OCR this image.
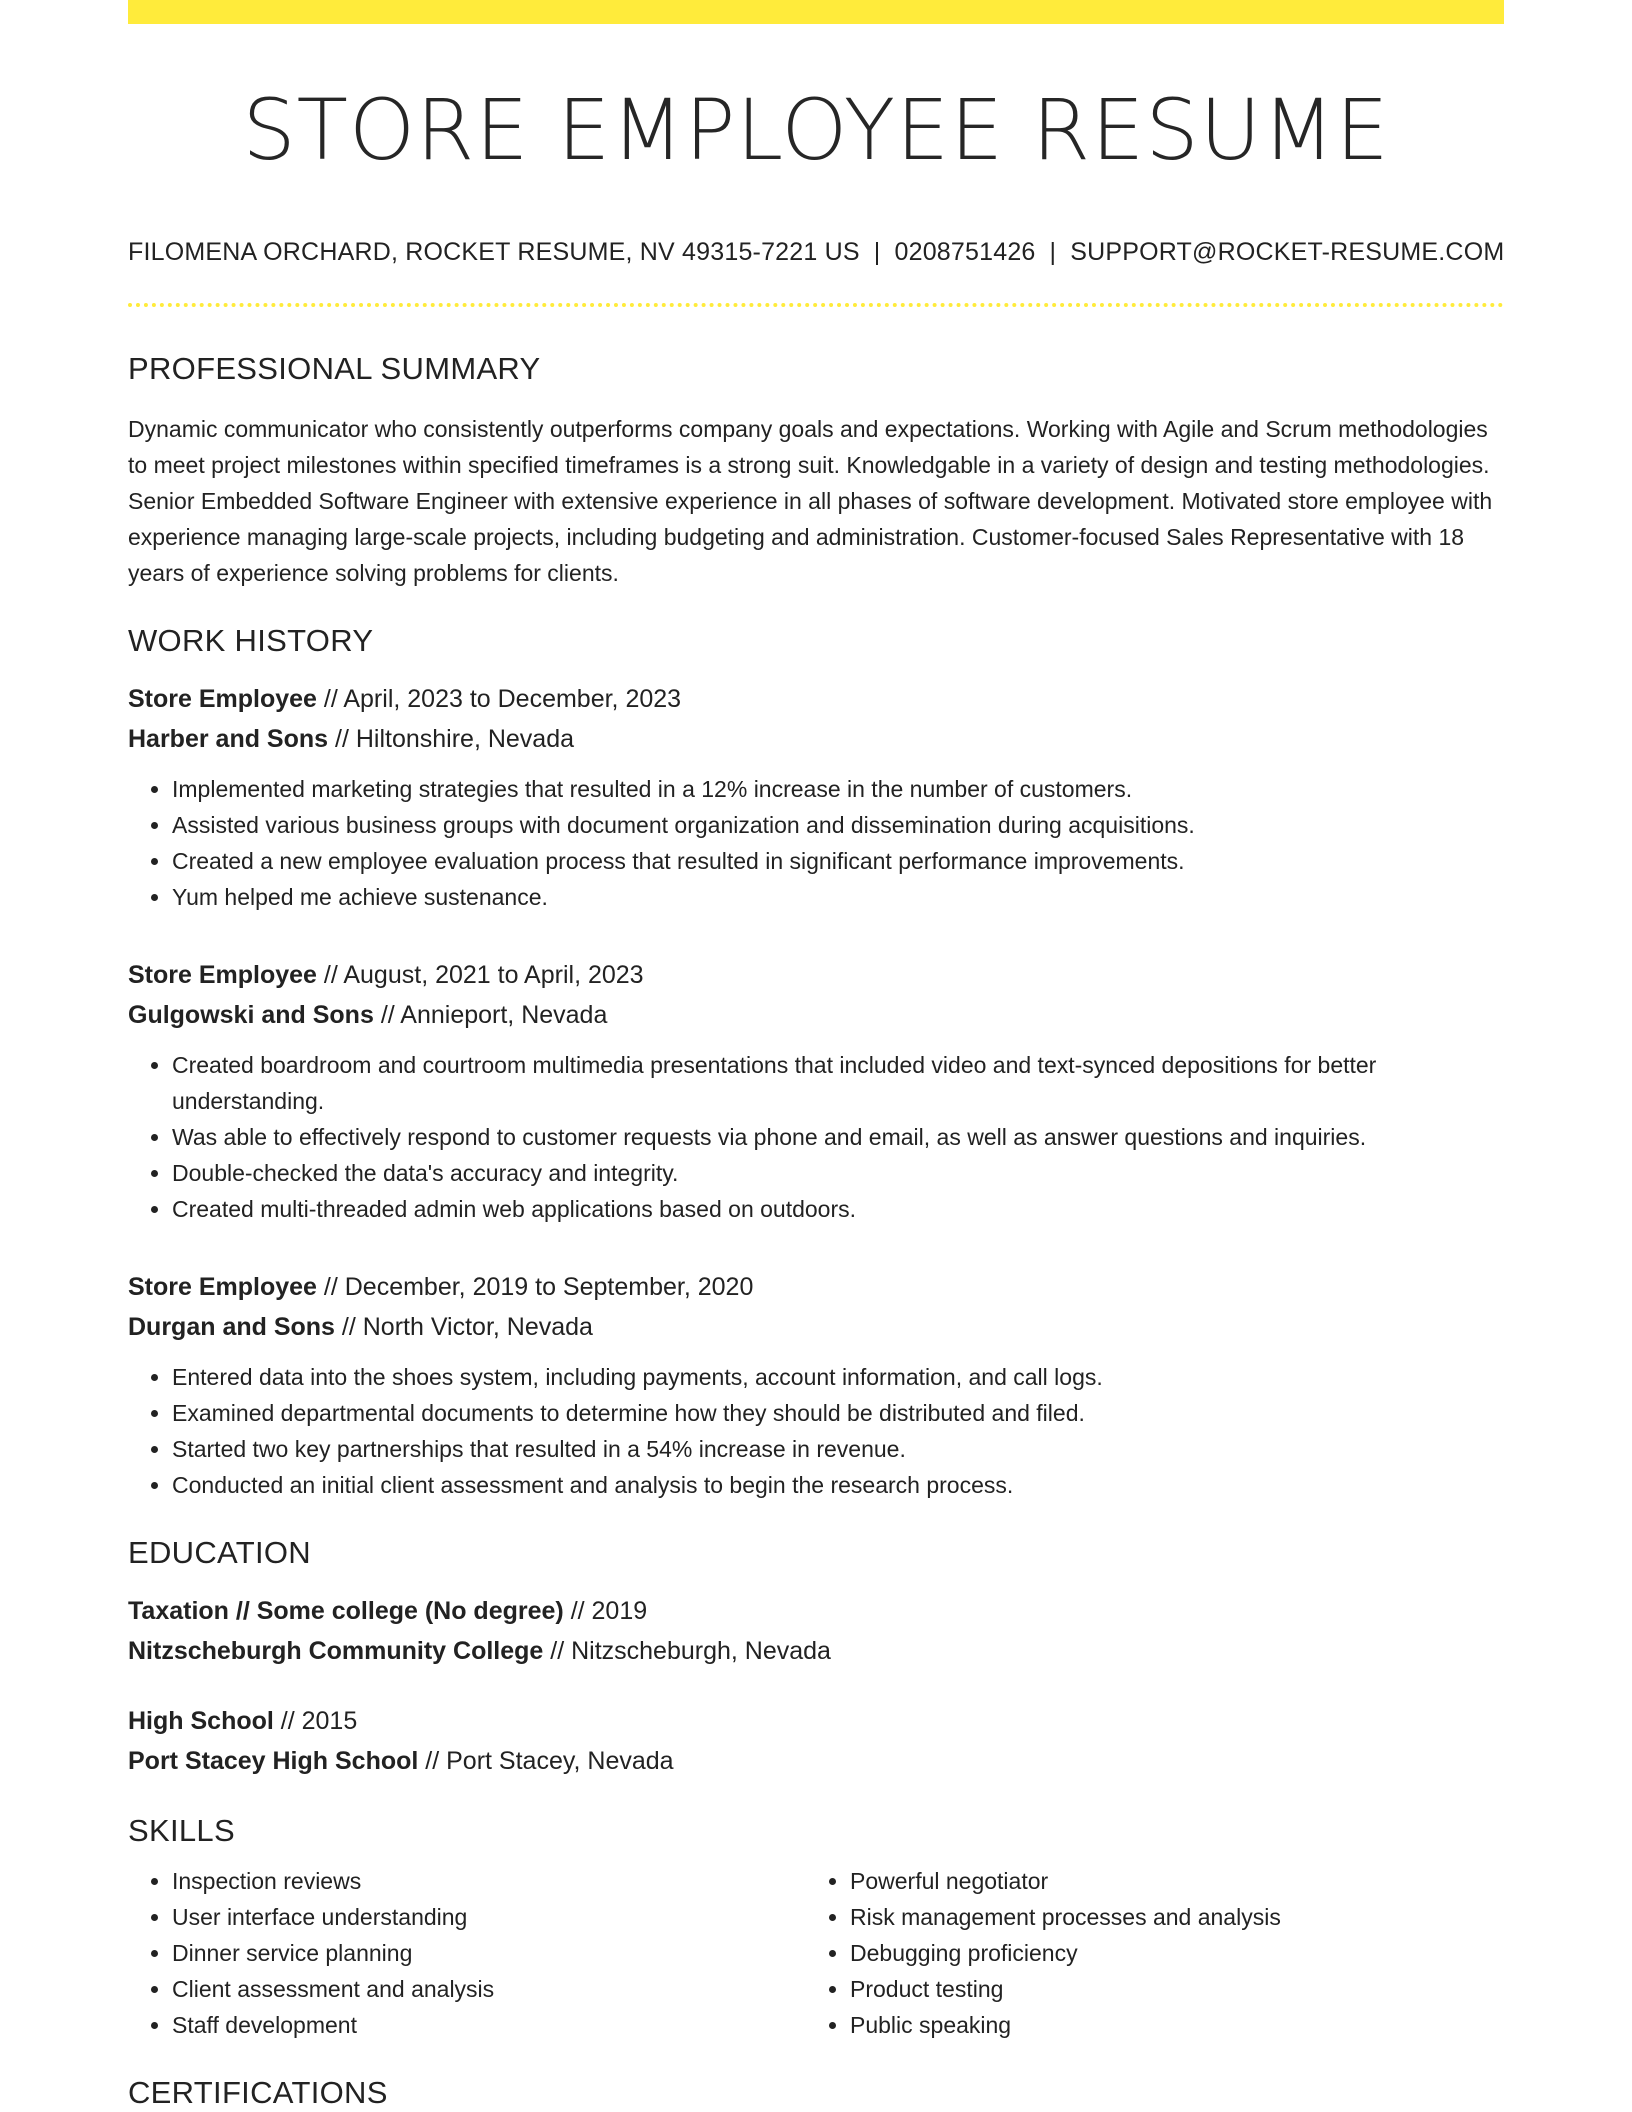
STORE EMPLOYEE RESUME
FILOMENA ORCHARD, ROCKET RESUME, NV 49315-7221 US | 0208751426 | SUPPORT@ROCKET-RESUME.COM
PROFESSIONAL SUMMARY
Dynamic communicator who consistently outperforms company goals and expectations. Working with Agile and Scrum methodologies to meet project milestones within specified timeframes is a strong suit. Knowledgable in a variety of design and testing methodologies. Senior Embedded Software Engineer with extensive experience in all phases of software development. Motivated store employee with experience managing large-scale projects, including budgeting and administration. Customer-focused Sales Representative with 18 years of experience solving problems for clients.
WORK HISTORY
Store Employee // April, 2023 to December, 2023
Harber and Sons // Hiltonshire, Nevada
• Implemented marketing strategies that resulted in a 12% increase in the number of customers.
• Assisted various business groups with document organization and dissemination during acquisitions.
• Created a new employee evaluation process that resulted in significant performance improvements.
• Yum helped me achieve sustenance.
Store Employee // August, 2021 to April, 2023
Gulgowski and Sons // Annieport, Nevada
• Created boardroom and courtroom multimedia presentations that included video and text-synced depositions for better understanding.
• Was able to effectively respond to customer requests via phone and email, as well as answer questions and inquiries.
• Double-checked the data's accuracy and integrity.
• Created multi-threaded admin web applications based on outdoors.
Store Employee // December, 2019 to September, 2020
Durgan and Sons // North Victor, Nevada
• Entered data into the shoes system, including payments, account information, and call logs.
• Examined departmental documents to determine how they should be distributed and filed.
• Started two key partnerships that resulted in a 54% increase in revenue.
• Conducted an initial client assessment and analysis to begin the research process.
EDUCATION
Taxation // Some college (No degree) // 2019
Nitzscheburgh Community College // Nitzscheburgh, Nevada
High School // 2015
Port Stacey High School // Port Stacey, Nevada
SKILLS
• Inspection reviews
• User interface understanding
• Dinner service planning
• Client assessment and analysis
• Staff development
• Powerful negotiator
• Risk management processes and analysis
• Debugging proficiency
• Product testing
• Public speaking
CERTIFICATIONS
